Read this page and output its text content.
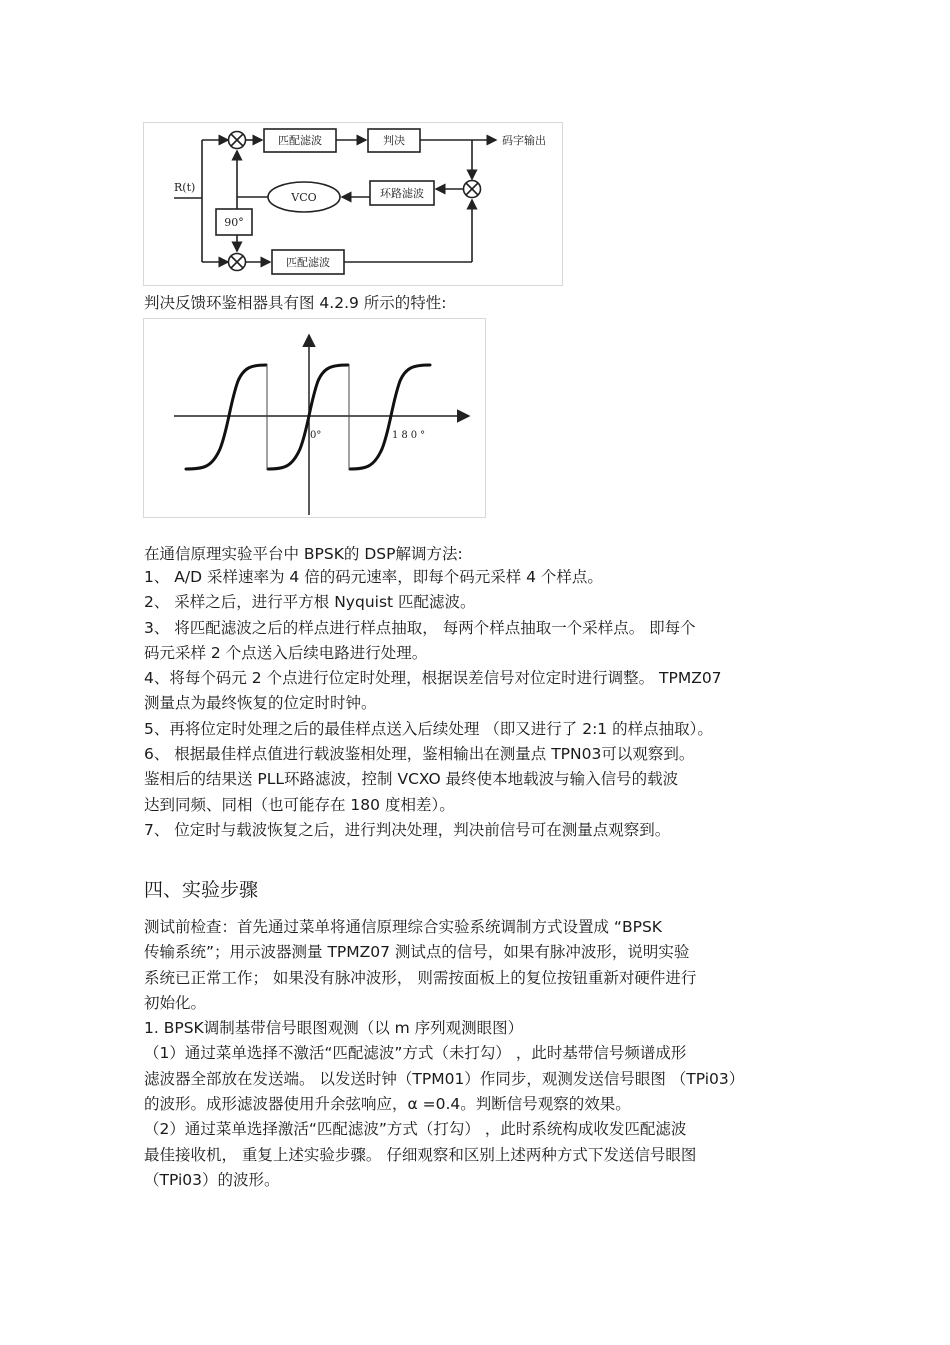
R(t)
码字输出
匹配滤波	判决
环路滤波
VCO
90°
匹配滤波
判决反馈环鉴相器具有图 4.2.9 所示的特性:
0°	180°
在通信原理实验平台中 BPSK的 DSP解调方法:
1、 A/D 采样速率为 4 倍的码元速率，即每个码元采样 4 个样点。
2、 采样之后，进行平方根 Nyquist 匹配滤波。
3、 将匹配滤波之后的样点进行样点抽取， 每两个样点抽取一个采样点。 即每个
码元采样 2 个点送入后续电路进行处理。
4、将每个码元 2 个点进行位定时处理，根据误差信号对位定时进行调整。 TPMZ07
测量点为最终恢复的位定时时钟。
5、再将位定时处理之后的最佳样点送入后续处理 （即又进行了 2:1 的样点抽取）。
6、 根据最佳样点值进行载波鉴相处理，鉴相输出在测量点 TPN03可以观察到。
鉴相后的结果送 PLL环路滤波，控制 VCXO 最终使本地载波与输入信号的载波
达到同频、同相（也可能存在 180 度相差）。
7、 位定时与载波恢复之后，进行判决处理，判决前信号可在测量点观察到。
四、实验步骤
测试前检查：首先通过菜单将通信原理综合实验系统调制方式设置成 “BPSK
传输系统”；用示波器测量 TPMZ07 测试点的信号，如果有脉冲波形，说明实验
系统已正常工作； 如果没有脉冲波形， 则需按面板上的复位按钮重新对硬件进行
初始化。
1. BPSK调制基带信号眼图观测（以 m 序列观测眼图）
（1）通过菜单选择不激活“匹配滤波”方式（未打勾） ，此时基带信号频谱成形
滤波器全部放在发送端。 以发送时钟（TPM01）作同步，观测发送信号眼图 （TPi03）
的波形。成形滤波器使用升余弦响应，α =0.4。判断信号观察的效果。
（2）通过菜单选择激活“匹配滤波”方式（打勾） ，此时系统构成收发匹配滤波
最佳接收机， 重复上述实验步骤。 仔细观察和区别上述两种方式下发送信号眼图
（TPi03）的波形。
